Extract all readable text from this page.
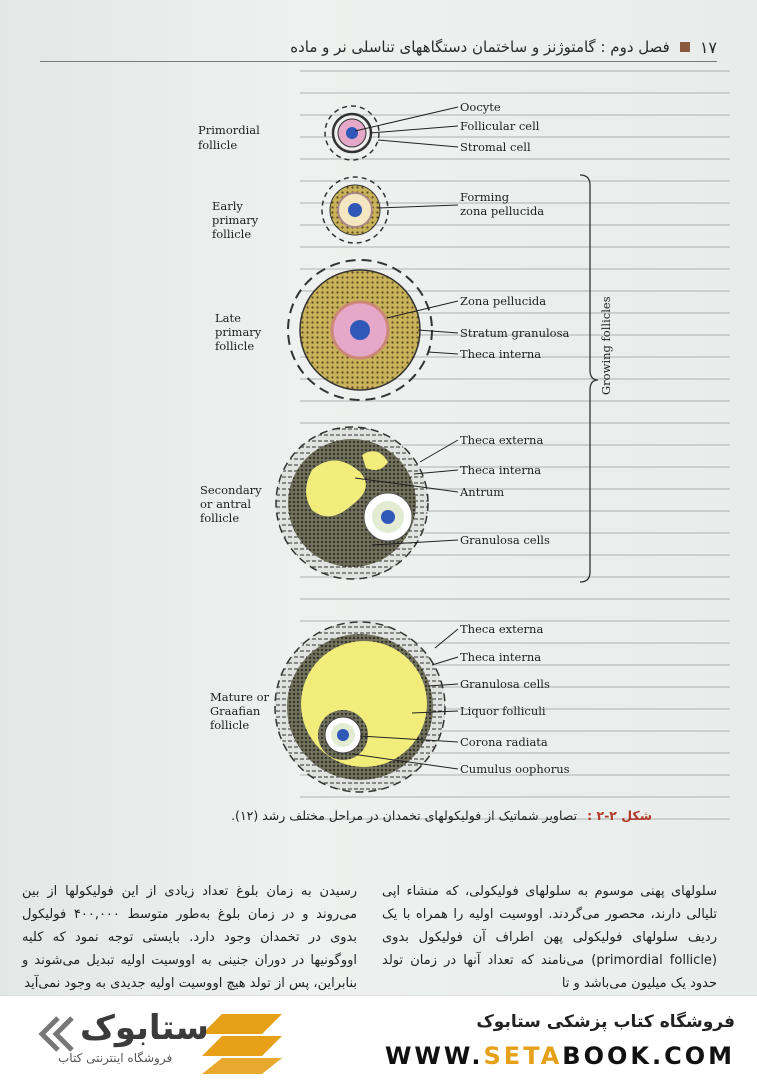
۱۷
فصل دوم : گامتوژنز و ساختمان دستگاههای تناسلی نر و ماده
Oocyte
Follicular cell
Stromal cell
Forming
zona pellucida
Zona pellucida
Stratum granulosa
Theca interna
Theca externa
Theca interna
Antrum
Granulosa cells
Theca externa
Theca interna
Granulosa cells
Liquor folliculi
Corona radiata
Cumulus oophorus
Primordial
follicle
Early
primary
follicle
Late
primary
follicle
Secondary
or antral
follicle
Mature or
Graafian
follicle
Growing follicles
شکل ۲-۲ : تصاویر شماتیک از فولیکولهای تخمدان در مراحل مختلف رشد (۱۲).

سلولهای پهنی موسوم به سلولهای فولیکولی، که منشاء اپی تلیالی دارند، محصور می‌گردند. اووسیت اولیه را همراه با یک ردیف سلولهای فولیکولی پهن اطراف آن فولیکول بدوی (primordial follicle) می‌نامند که تعداد آنها در زمان تولد حدود یک میلیون می‌باشد و تا

رسیدن به زمان بلوغ تعداد زیادی از این فولیکولها از بین می‌روند و در زمان بلوغ به‌طور متوسط ۴۰۰,۰۰۰ فولیکول بدوی در تخمدان وجود دارد. بایستی توجه نمود که کلیه اووگونیها در دوران جنینی به اووسیت اولیه تبدیل می‌شوند و بنابراین، پس از تولد هیچ اووسیت اولیه جدیدی به وجود نمی‌آید

ستابوک
فروشگاه اینترنتی کتاب
فروشگاه کتاب پزشکی ستابوک
WWW.SETABOOK.COM
